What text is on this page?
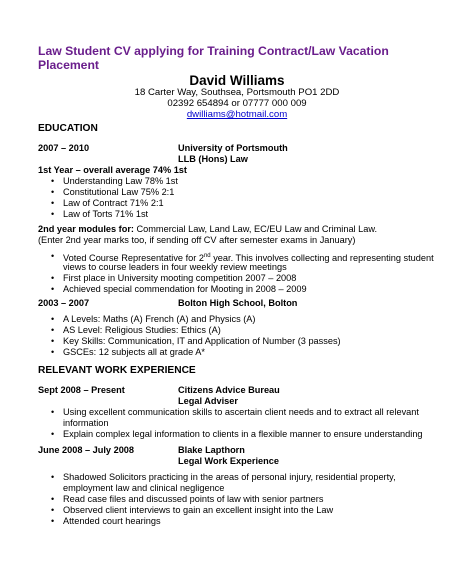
Law Student CV applying for Training Contract/Law Vacation
Placement
David Williams
18 Carter Way, Southsea, Portsmouth PO1 2DD
02392 654894 or 07777 000 009
dwilliams@hotmail.com
EDUCATION
2007 – 2010	University of Portsmouth
LLB (Hons) Law
1st Year – overall average 74% 1st
• Understanding Law 78% 1st
• Constitutional Law 75% 2:1
• Law of Contract 71% 2:1
• Law of Torts 71% 1st
2nd year modules for: Commercial Law, Land Law, EC/EU Law and Criminal Law.
(Enter 2nd year marks too, if sending off CV after semester exams in January)
• Voted Course Representative for 2nd year. This involves collecting and representing student
views to course leaders in four weekly review meetings
• First place in University mooting competition 2007 – 2008
• Achieved special commendation for Mooting in 2008 – 2009
2003 – 2007	Bolton High School, Bolton
• A Levels: Maths (A) French (A) and Physics (A)
• AS Level: Religious Studies: Ethics (A)
• Key Skills: Communication, IT and Application of Number (3 passes)
• GSCEs: 12 subjects all at grade A*
RELEVANT WORK EXPERIENCE
Sept 2008 – Present	Citizens Advice Bureau
Legal Adviser
• Using excellent communication skills to ascertain client needs and to extract all relevant
information
• Explain complex legal information to clients in a flexible manner to ensure understanding
June 2008 – July 2008	Blake Lapthorn
Legal Work Experience
• Shadowed Solicitors practicing in the areas of personal injury, residential property,
employment law and clinical negligence
• Read case files and discussed points of law with senior partners
• Observed client interviews to gain an excellent insight into the Law
• Attended court hearings
